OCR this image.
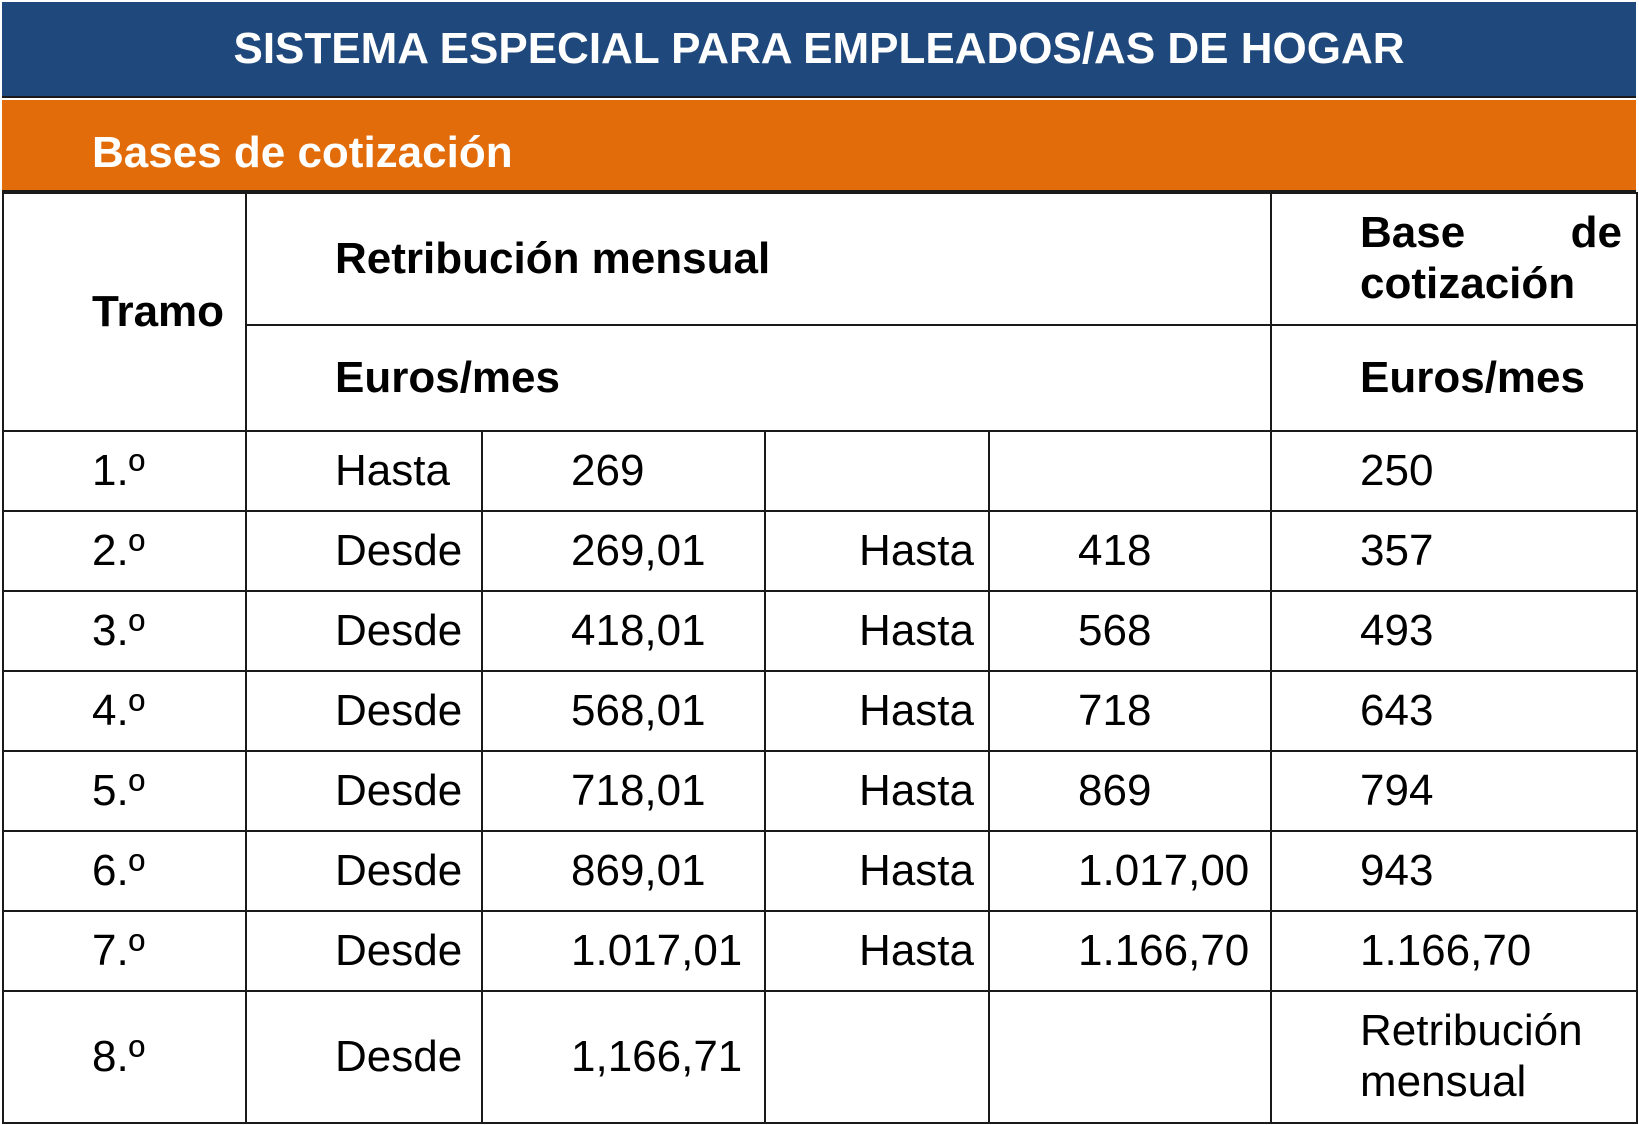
SISTEMA ESPECIAL PARA EMPLEADOS/AS DE HOGAR
Bases de cotización
Tramo	Retribución mensual				Base de
cotización

	Euros/mes				Euros/mes
1.º	Hasta	269			250
2.º	Desde	269,01	Hasta	418	357
3.º	Desde	418,01	Hasta	568	493
4.º	Desde	568,01	Hasta	718	643
5.º	Desde	718,01	Hasta	869	794
6.º	Desde	869,01	Hasta	1.017,00	943
7.º	Desde	1.017,01	Hasta	1.166,70	1.166,70
8.º	Desde	1,166,71			Retribución
mensual
